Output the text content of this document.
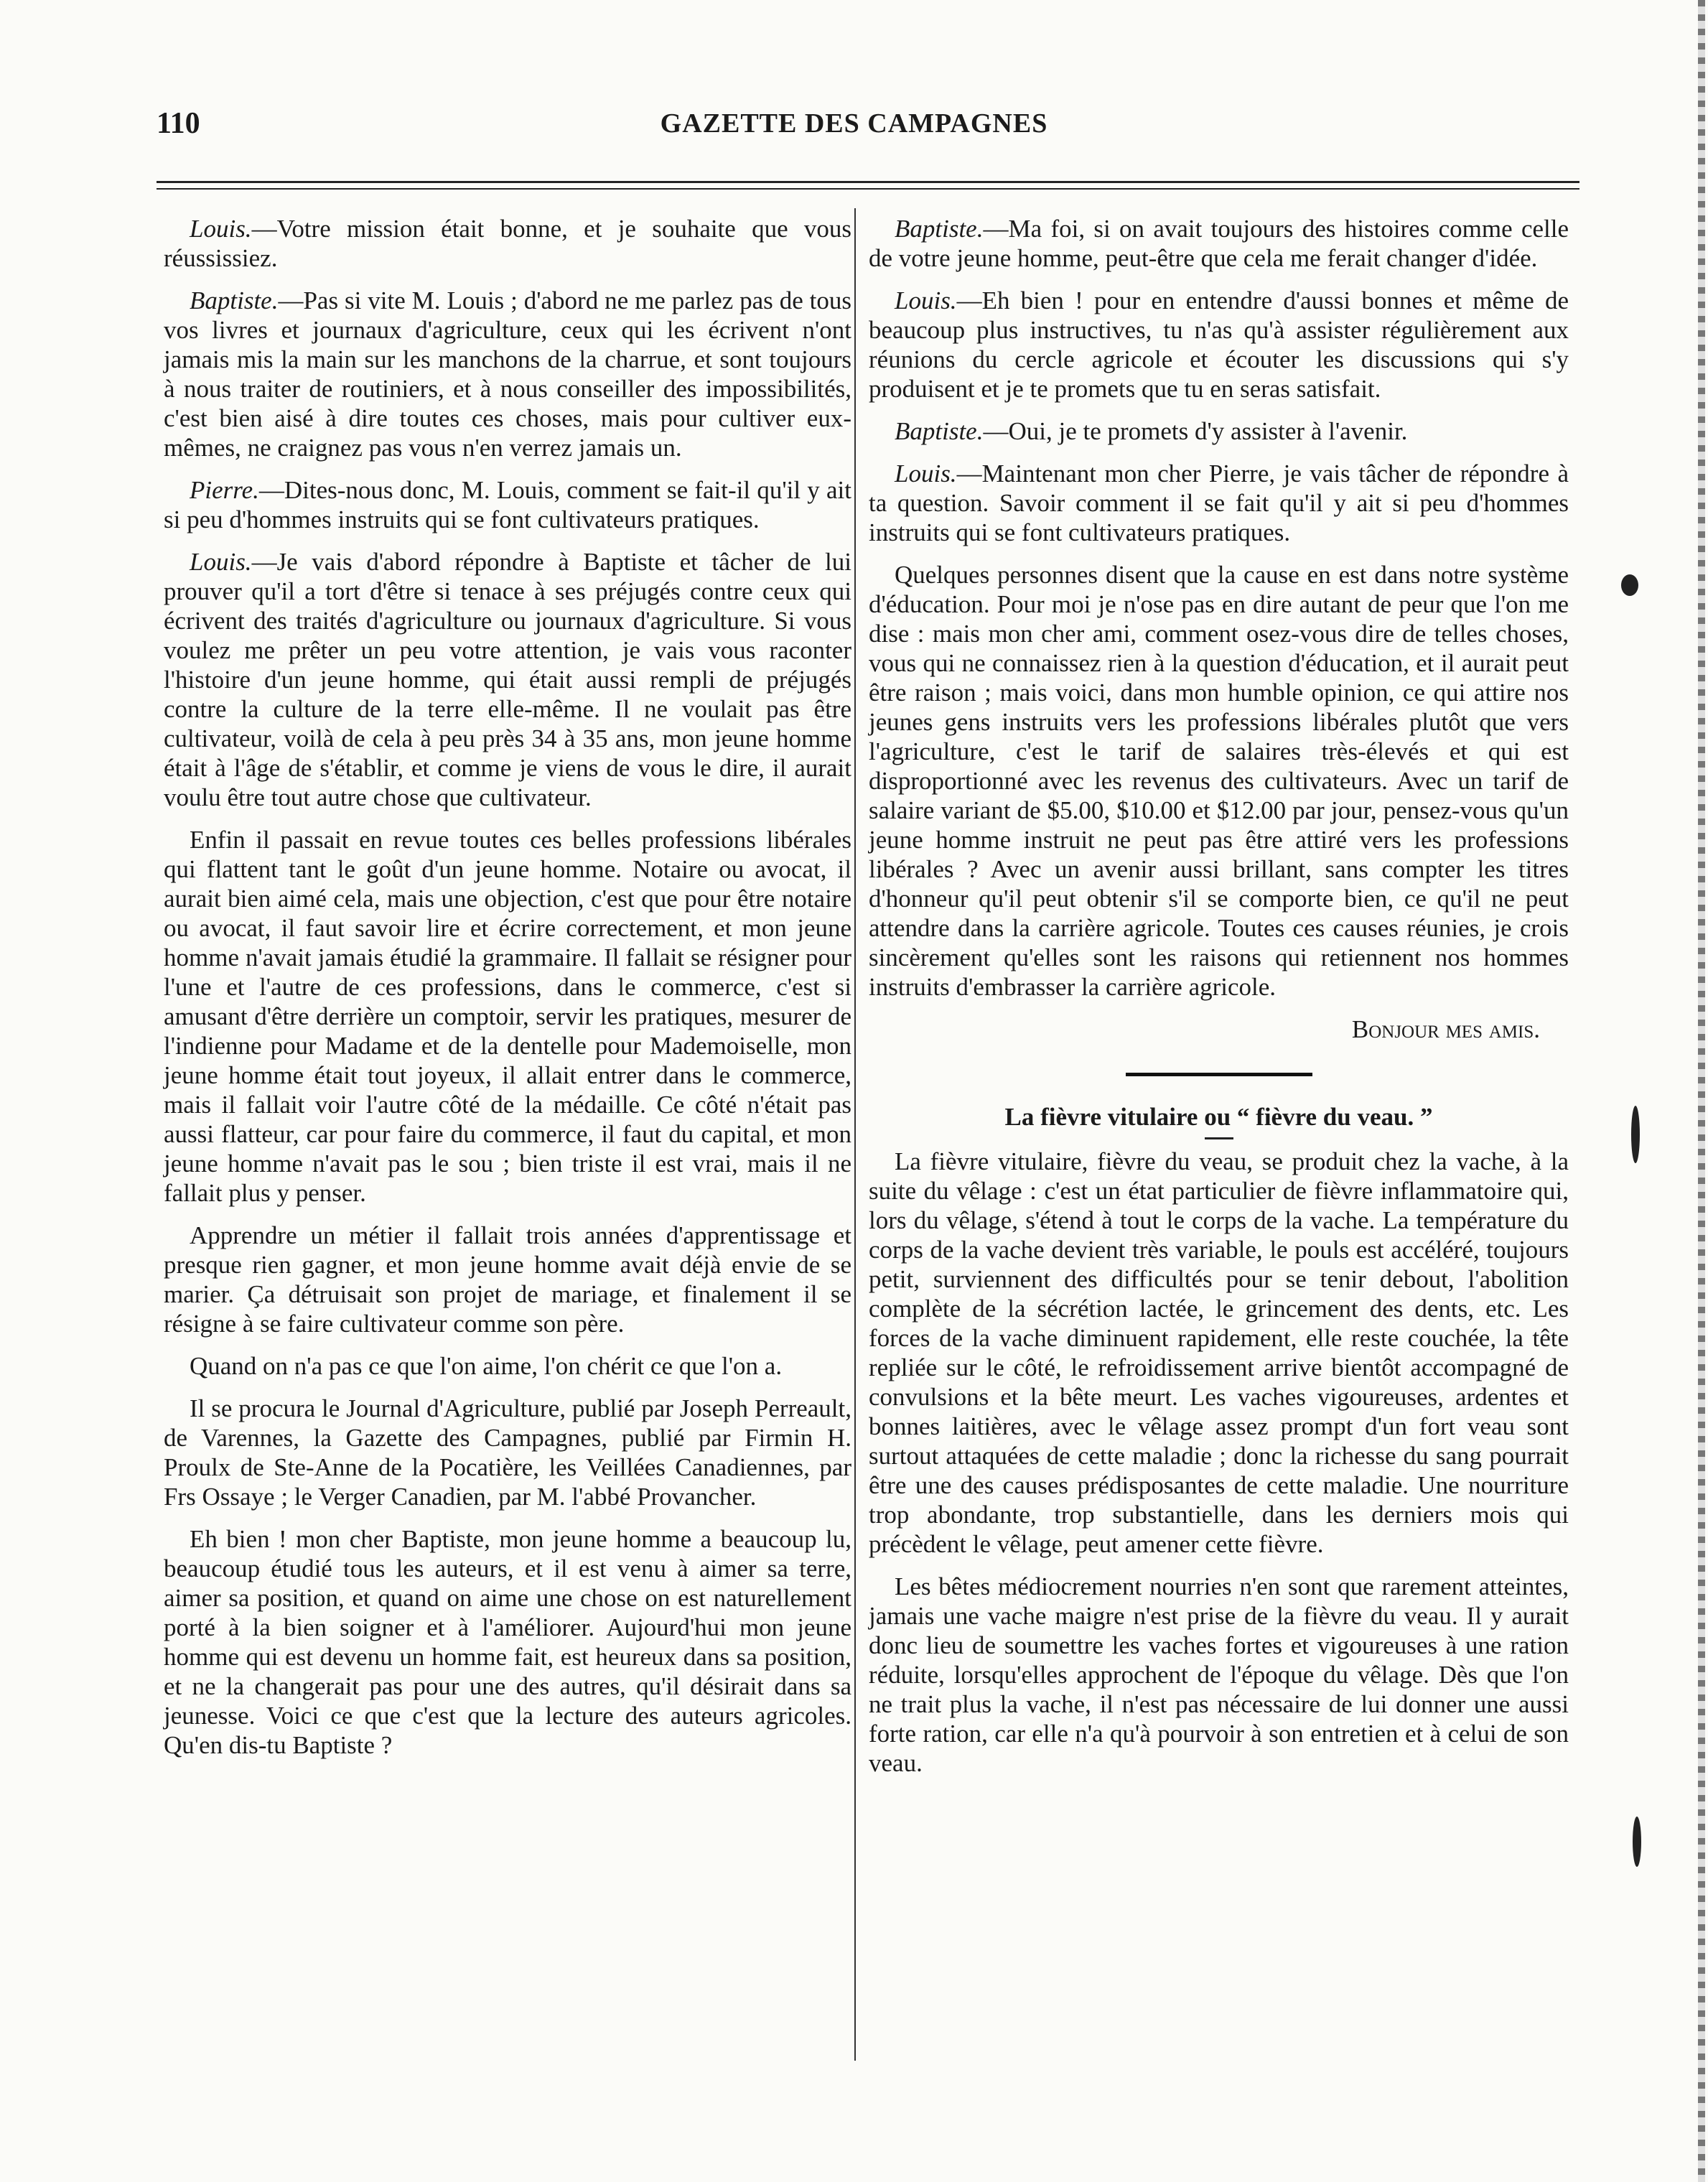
110	GAZETTE DES CAMPAGNES

Louis.—Votre mission était bonne, et je souhaite que vous réussissiez.

Baptiste.—Pas si vite M. Louis ; d'abord ne me parlez pas de tous vos livres et journaux d'agriculture, ceux qui les écrivent n'ont jamais mis la main sur les manchons de la charrue, et sont toujours à nous traiter de routiniers, et à nous conseiller des impossibilités, c'est bien aisé à dire toutes ces choses, mais pour cultiver eux-mêmes, ne craignez pas vous n'en verrez jamais un.

Pierre.—Dites-nous donc, M. Louis, comment se fait-il qu'il y ait si peu d'hommes instruits qui se font cultivateurs pratiques.

Louis.—Je vais d'abord répondre à Baptiste et tâcher de lui prouver qu'il a tort d'être si tenace à ses préjugés contre ceux qui écrivent des traités d'agriculture ou journaux d'agriculture. Si vous voulez me prêter un peu votre attention, je vais vous raconter l'histoire d'un jeune homme, qui était aussi rempli de préjugés contre la culture de la terre elle-même. Il ne voulait pas être cultivateur, voilà de cela à peu près 34 à 35 ans, mon jeune homme était à l'âge de s'établir, et comme je viens de vous le dire, il aurait voulu être tout autre chose que cultivateur.

Enfin il passait en revue toutes ces belles professions libérales qui flattent tant le goût d'un jeune homme. Notaire ou avocat, il aurait bien aimé cela, mais une objection, c'est que pour être notaire ou avocat, il faut savoir lire et écrire correctement, et mon jeune homme n'avait jamais étudié la grammaire. Il fallait se résigner pour l'une et l'autre de ces professions, dans le commerce, c'est si amusant d'être derrière un comptoir, servir les pratiques, mesurer de l'indienne pour Madame et de la dentelle pour Mademoiselle, mon jeune homme était tout joyeux, il allait entrer dans le commerce, mais il fallait voir l'autre côté de la médaille. Ce côté n'était pas aussi flatteur, car pour faire du commerce, il faut du capital, et mon jeune homme n'avait pas le sou ; bien triste il est vrai, mais il ne fallait plus y penser.

Apprendre un métier il fallait trois années d'apprentissage et presque rien gagner, et mon jeune homme avait déjà envie de se marier. Ça détruisait son projet de mariage, et finalement il se résigne à se faire cultivateur comme son père.

Quand on n'a pas ce que l'on aime, l'on chérit ce que l'on a.

Il se procura le Journal d'Agriculture, publié par Joseph Perreault, de Varennes, la Gazette des Campagnes, publié par Firmin H. Proulx de Ste-Anne de la Pocatière, les Veillées Canadiennes, par Frs Ossaye ; le Verger Canadien, par M. l'abbé Provancher.

Eh bien ! mon cher Baptiste, mon jeune homme a beaucoup lu, beaucoup étudié tous les auteurs, et il est venu à aimer sa terre, aimer sa position, et quand on aime une chose on est naturellement porté à la bien soigner et à l'améliorer. Aujourd'hui mon jeune homme qui est devenu un homme fait, est heureux dans sa position, et ne la changerait pas pour une des autres, qu'il désirait dans sa jeunesse. Voici ce que c'est que la lecture des auteurs agricoles. Qu'en dis-tu Baptiste ?

Baptiste.—Ma foi, si on avait toujours des histoires comme celle de votre jeune homme, peut-être que cela me ferait changer d'idée.

Louis.—Eh bien ! pour en entendre d'aussi bonnes et même de beaucoup plus instructives, tu n'as qu'à assister régulièrement aux réunions du cercle agricole et écouter les discussions qui s'y produisent et je te promets que tu en seras satisfait.

Baptiste.—Oui, je te promets d'y assister à l'avenir.

Louis.—Maintenant mon cher Pierre, je vais tâcher de répondre à ta question. Savoir comment il se fait qu'il y ait si peu d'hommes instruits qui se font cultivateurs pratiques.

Quelques personnes disent que la cause en est dans notre système d'éducation. Pour moi je n'ose pas en dire autant de peur que l'on me dise : mais mon cher ami, comment osez-vous dire de telles choses, vous qui ne connaissez rien à la question d'éducation, et il aurait peut être raison ; mais voici, dans mon humble opinion, ce qui attire nos jeunes gens instruits vers les professions libérales plutôt que vers l'agriculture, c'est le tarif de salaires très-élevés et qui est disproportionné avec les revenus des cultivateurs. Avec un tarif de salaire variant de $5.00, $10.00 et $12.00 par jour, pensez-vous qu'un jeune homme instruit ne peut pas être attiré vers les professions libérales ? Avec un avenir aussi brillant, sans compter les titres d'honneur qu'il peut obtenir s'il se comporte bien, ce qu'il ne peut attendre dans la carrière agricole. Toutes ces causes réunies, je crois sincèrement qu'elles sont les raisons qui retiennent nos hommes instruits d'embrasser la carrière agricole.

Bonjour mes amis.

La fièvre vitulaire ou “ fièvre du veau. ”

La fièvre vitulaire, fièvre du veau, se produit chez la vache, à la suite du vêlage : c'est un état particulier de fièvre inflammatoire qui, lors du vêlage, s'étend à tout le corps de la vache. La température du corps de la vache devient très variable, le pouls est accéléré, toujours petit, surviennent des difficultés pour se tenir debout, l'abolition complète de la sécrétion lactée, le grincement des dents, etc. Les forces de la vache diminuent rapidement, elle reste couchée, la tête repliée sur le côté, le refroidissement arrive bientôt accompagné de convulsions et la bête meurt. Les vaches vigoureuses, ardentes et bonnes laitières, avec le vêlage assez prompt d'un fort veau sont surtout attaquées de cette maladie ; donc la richesse du sang pourrait être une des causes prédisposantes de cette maladie. Une nourriture trop abondante, trop substantielle, dans les derniers mois qui précèdent le vêlage, peut amener cette fièvre.

Les bêtes médiocrement nourries n'en sont que rarement atteintes, jamais une vache maigre n'est prise de la fièvre du veau. Il y aurait donc lieu de soumettre les vaches fortes et vigoureuses à une ration réduite, lorsqu'elles approchent de l'époque du vêlage. Dès que l'on ne trait plus la vache, il n'est pas nécessaire de lui donner une aussi forte ration, car elle n'a qu'à pourvoir à son entretien et à celui de son veau.
